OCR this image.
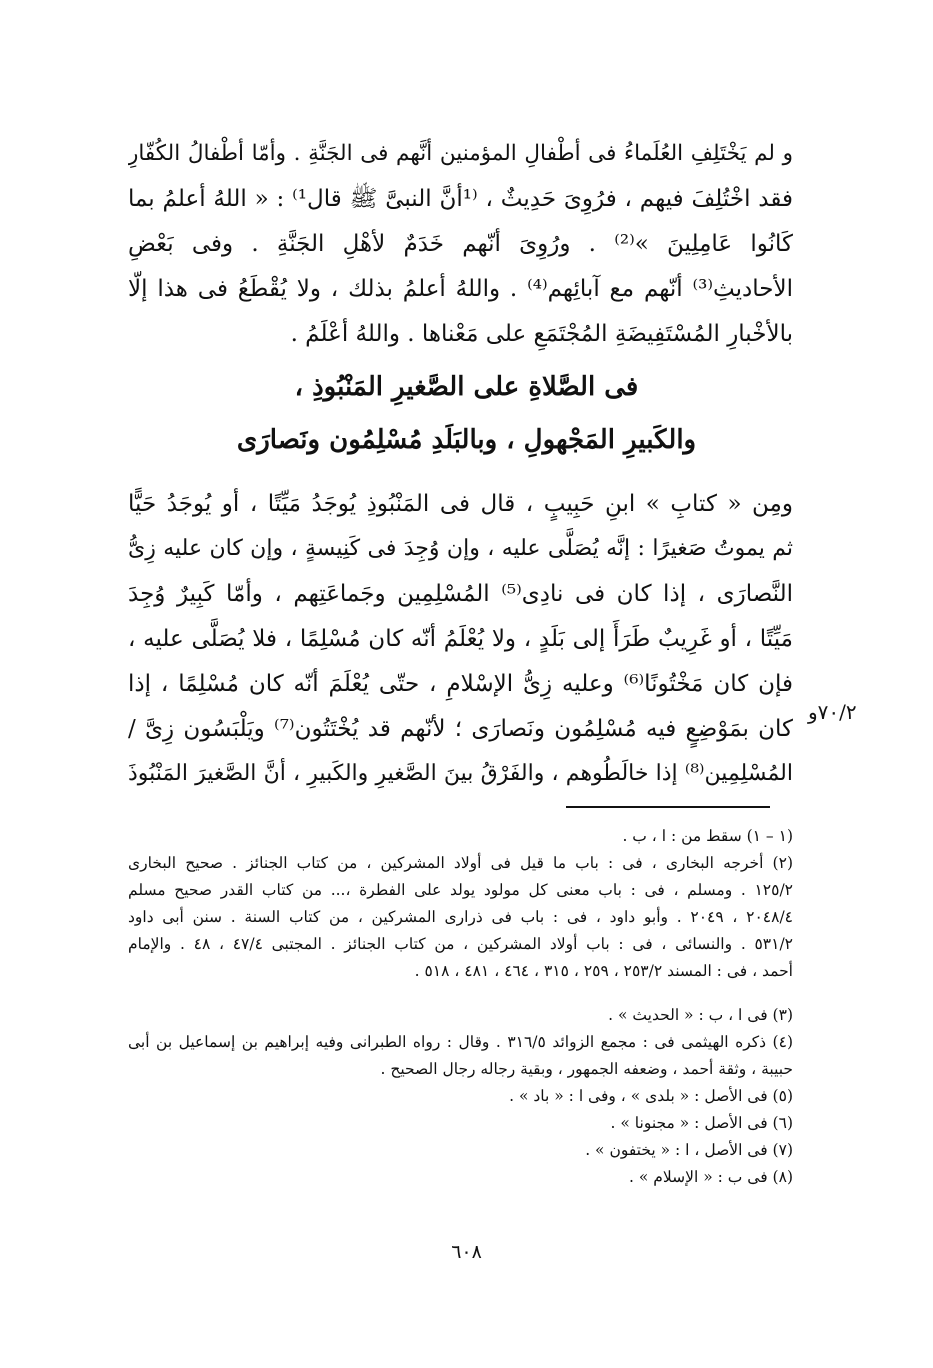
و لم يَخْتَلِفِ العُلَماءُ فى أطْفالِ المؤمنين أنَّهم فى الجَنَّةِ . وأمّا أطْفالُ الكُفّارِ
فقد اخْتُلِفَ فيهم ، فرُوِىَ حَدِيثٌ ، ⁽¹أنَّ النبىَّ ﷺ قال¹⁾ : « اللهُ أعلمُ بما
كَانُوا عَامِلِينَ »⁽²⁾ . ورُوِىَ أنّهم خَدَمٌ لأهْلِ الجَنَّةِ . وفى بَعْضِ
الأحاديثِ⁽³⁾ أنّهم مع آبائِهم⁽⁴⁾ . واللهُ أعلمُ بذلك ، ولا يُقْطَعُ فى هذا إلّا
بالأخْبارِ المُسْتَفِيضَةِ المُجْتَمَعِ على مَعْناها . واللهُ أعْلَمُ .
فى الصَّلاةِ على الصَّغيرِ المَنْبُوذِ ،
والكَبيرِ المَجْهولِ ، وبالبَلَدِ مُسْلِمُون ونَصارَى
ومِن « كتابِ » ابنِ حَبِيبٍ ، قال فى المَنْبُوذِ يُوجَدُ مَيِّتًا ، أو يُوجَدُ حَيًّا
ثم يموتُ صَغيرًا : إنَّه يُصَلَّى عليه ، وإن وُجِدَ فى كَنِيسةٍ ، وإن كان عليه زِىُّ
النَّصارَى ، إذا كان فى نادِى⁽⁵⁾ المُسْلِمِين وجَماعَتِهم ، وأمّا كَبِيرٌ وُجِدَ
مَيِّتًا ، أو غَرِيبٌ طَرَأَ إلى بَلَدٍ ، ولا يُعْلَمُ أنّه كان مُسْلِمًا ، فلا يُصَلَّى عليه ،
فإن كان مَخْتُونًا⁽⁶⁾ وعليه زِىُّ الإسْلامِ ، حتّى يُعْلَمَ أنّه كان مُسْلِمًا ، إذا
كان بمَوْضِعٍ فيه مُسْلِمُون ونَصارَى ؛ لأنّهم قد يُخْتَتُون⁽⁷⁾ ويَلْبَسُون زِىَّ /
المُسْلِمِين⁽⁸⁾ إذا خالَطُوهم ، والفَرْقُ بينَ الصَّغيرِ والكَبيرِ ، أنَّ الصَّغيرَ المَنْبُوذَ
٧٠/٢و
(١ – ١) سقط من : ا ، ب .
(٢) أخرجه البخارى ، فى : باب ما قيل فى أولاد المشركين ، من كتاب الجنائز . صحيح البخارى
١٢٥/٢ . ومسلم ، فى : باب معنى كل مولود يولد على الفطرة ،... من كتاب القدر صحيح مسلم
٢٠٤٨/٤ ، ٢٠٤٩ . وأبو داود ، فى : باب فى ذرارى المشركين ، من كتاب السنة . سنن أبى داود
٥٣١/٢ . والنسائى ، فى : باب أولاد المشركين ، من كتاب الجنائز . المجتبى ٤٧/٤ ، ٤٨ . والإمام
أحمد ، فى : المسند ٢٥٣/٢ ، ٢٥٩ ، ٣١٥ ، ٤٦٤ ، ٤٨١ ، ٥١٨ .
(٣) فى ا ، ب : « الحديث » .
(٤) ذكره الهيثمى فى : مجمع الزوائد ٣١٦/٥ . وقال : رواه الطبرانى وفيه إبراهيم بن إسماعيل بن أبى
حبيبة ، وثقة أحمد ، وضعفه الجمهور ، وبقية رجاله رجال الصحيح .
(٥) فى الأصل : « بلدى » ، وفى ا : « باد » .
(٦) فى الأصل : « مجنونا » .
(٧) فى الأصل ، ا : « يختفون » .
(٨) فى ب : « الإسلام » .
٦٠٨
